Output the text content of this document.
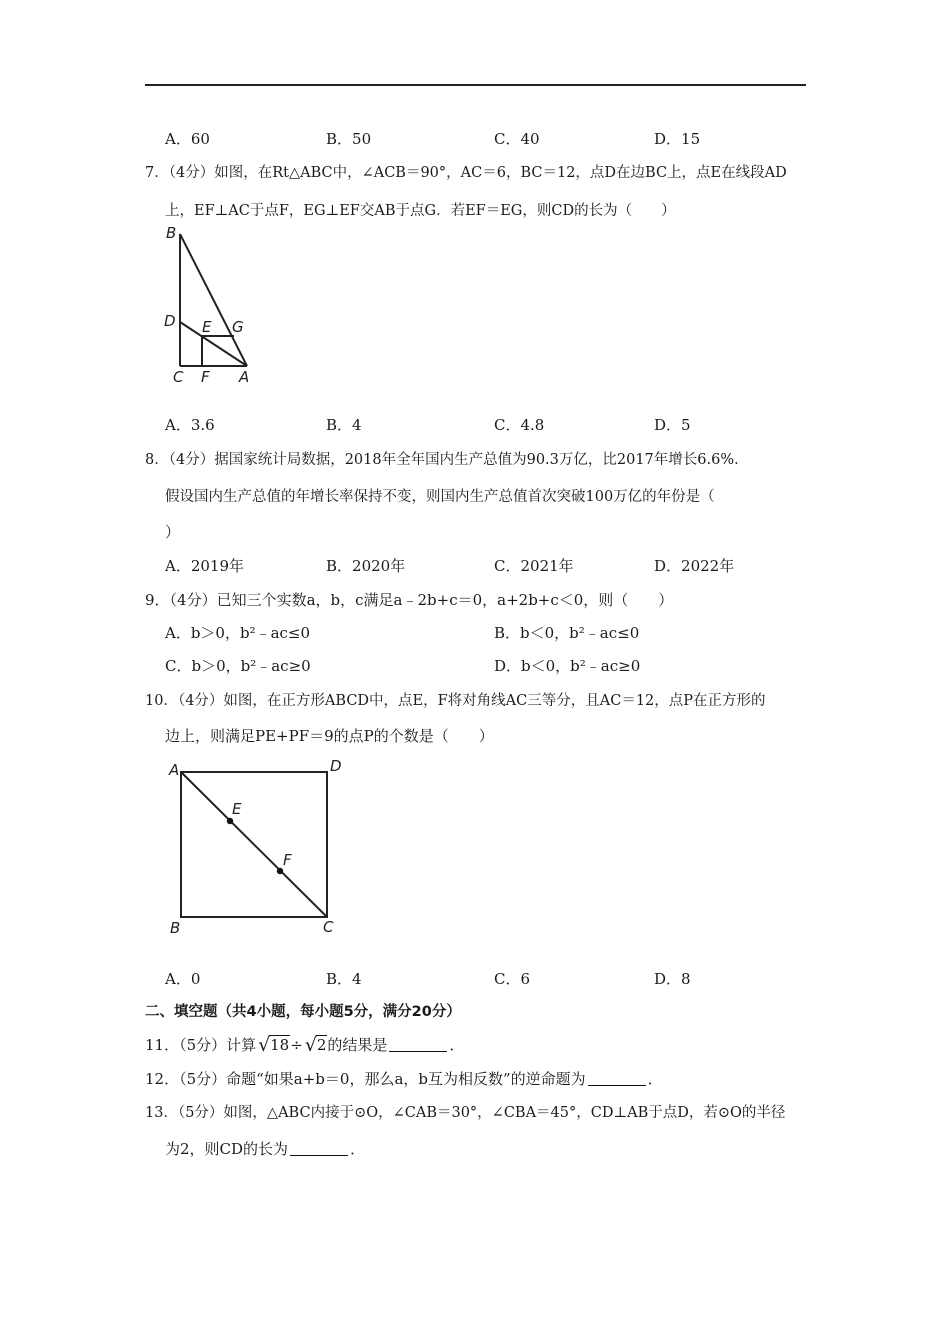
A．60	B．50	C．40	D．15
7．（4分）如图，在Rt△ABC中，∠ACB＝90°，AC＝6，BC＝12，点D在边BC上，点E在线段AD
上，EF⊥AC于点F，EG⊥EF交AB于点G．若EF＝EG，则CD的长为（　　）
B
D E G
C F A
A．3.6	B．4	C．4.8	D．5
8．（4分）据国家统计局数据，2018年全年国内生产总值为90.3万亿，比2017年增长6.6%．
假设国内生产总值的年增长率保持不变，则国内生产总值首次突破100万亿的年份是（
）
A．2019年	B．2020年	C．2021年	D．2022年
9．（4分）已知三个实数a，b，c满足a﹣2b+c＝0，a+2b+c＜0，则（　　）
A．b＞0，b²﹣ac≤0	B．b＜0，b²﹣ac≤0
C．b＞0，b²﹣ac≥0	D．b＜0，b²﹣ac≥0
10．（4分）如图，在正方形ABCD中，点E，F将对角线AC三等分，且AC＝12，点P在正方形的
边上，则满足PE+PF＝9的点P的个数是（　　）
A	D
E
F
B	C
A．0	B．4	C．6	D．8
二、填空题（共4小题，每小题5分，满分20分）
11．（5分）计算 √ 18÷ √ 2的结果是	．
12．（5分）命题“如果a+b＝0，那么a，b互为相反数”的逆命题为	．
13．（5分）如图，△ABC内接于⊙O，∠CAB＝30°，∠CBA＝45°，CD⊥AB于点D，若⊙O的半径
为2，则CD的长为	．
